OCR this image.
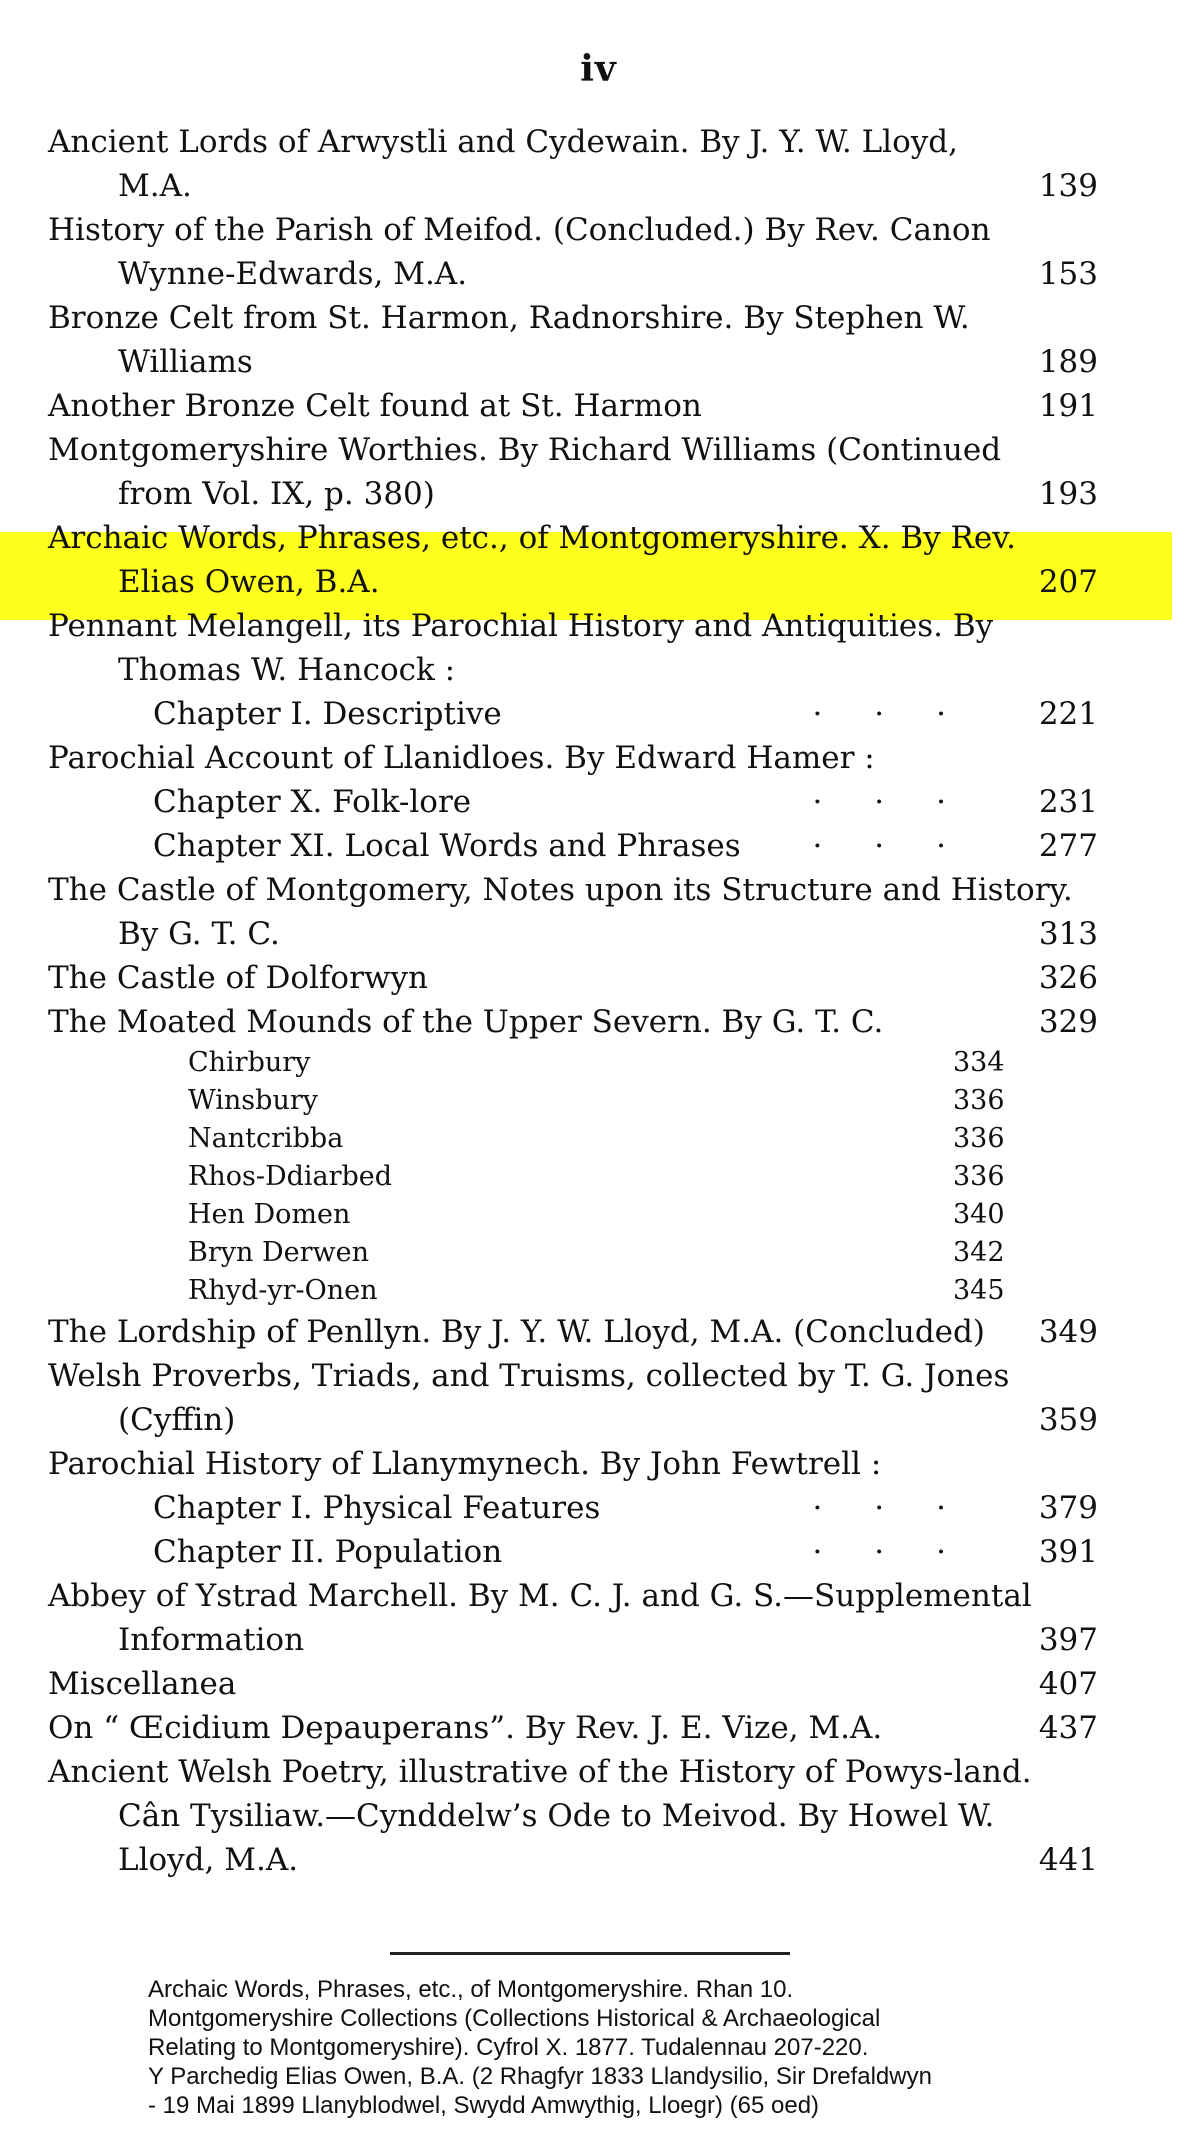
iv
Ancient Lords of Arwystli and Cydewain. By J. Y. W. Lloyd,
M.A.	139
History of the Parish of Meifod. (Concluded.) By Rev. Canon
Wynne-Edwards, M.A.	153
Bronze Celt from St. Harmon, Radnorshire. By Stephen W.
Williams	189
Another Bronze Celt found at St. Harmon	191
Montgomeryshire Worthies. By Richard Williams (Continued
from Vol. IX, p. 380)	193
Archaic Words, Phrases, etc., of Montgomeryshire. X. By Rev.
Elias Owen, B.A.	207
Pennant Melangell, its Parochial History and Antiquities. By
Thomas W. Hancock :
Chapter I. Descriptive	···	221
Parochial Account of Llanidloes. By Edward Hamer :
Chapter X. Folk-lore	···	231
Chapter XI. Local Words and Phrases	···	277
The Castle of Montgomery, Notes upon its Structure and History.
By G. T. C.	313
The Castle of Dolforwyn	326
The Moated Mounds of the Upper Severn. By G. T. C.	329
Chirbury	334
Winsbury	336
Nantcribba	336
Rhos-Ddiarbed	336
Hen Domen	340
Bryn Derwen	342
Rhyd-yr-Onen	345
The Lordship of Penllyn. By J. Y. W. Lloyd, M.A. (Concluded)	349
Welsh Proverbs, Triads, and Truisms, collected by T. G. Jones
(Cyffin)	359
Parochial History of Llanymynech. By John Fewtrell :
Chapter I. Physical Features	···	379
Chapter II. Population	···	391
Abbey of Ystrad Marchell. By M. C. J. and G. S.—Supplemental
Information	397
Miscellanea	407
On “ Œcidium Depauperans”. By Rev. J. E. Vize, M.A.	437
Ancient Welsh Poetry, illustrative of the History of Powys-land.
Cân Tysiliaw.—Cynddelw’s Ode to Meivod. By Howel W.
Lloyd, M.A.	441
Archaic Words, Phrases, etc., of Montgomeryshire. Rhan 10.
Montgomeryshire Collections (Collections Historical & Archaeological
Relating to Montgomeryshire). Cyfrol X. 1877. Tudalennau 207-220.
Y Parchedig Elias Owen, B.A. (2 Rhagfyr 1833 Llandysilio, Sir Drefaldwyn
- 19 Mai 1899 Llanyblodwel, Swydd Amwythig, Lloegr) (65 oed)
